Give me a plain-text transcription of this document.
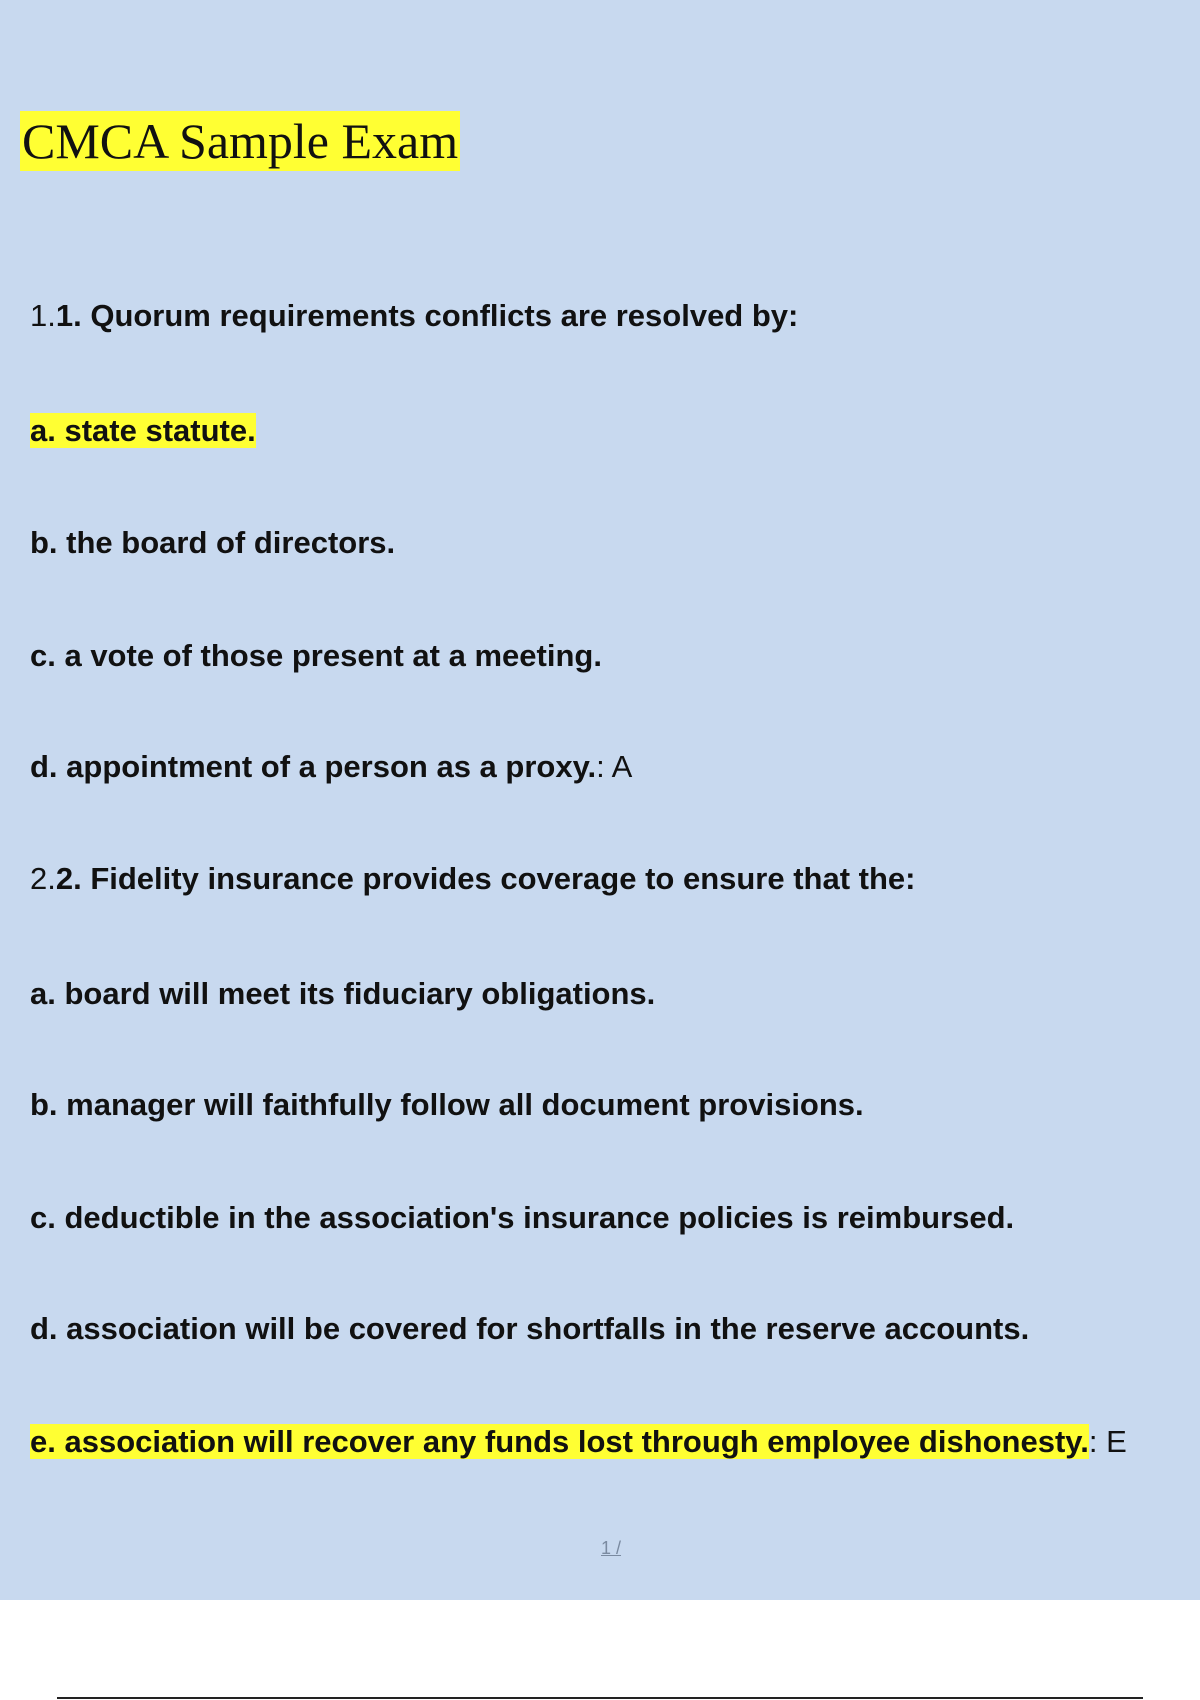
CMCA Sample Exam
1.1. Quorum requirements conflicts are resolved by:
a. state statute.
b. the board of directors.
c. a vote of those present at a meeting.
d. appointment of a person as a proxy.: A
2.2. Fidelity insurance provides coverage to ensure that the:
a. board will meet its fiduciary obligations.
b. manager will faithfully follow all document provisions.
c. deductible in the association's insurance policies is reimbursed.
d. association will be covered for shortfalls in the reserve accounts.
e. association will recover any funds lost through employee dishonesty.: E
1 /
